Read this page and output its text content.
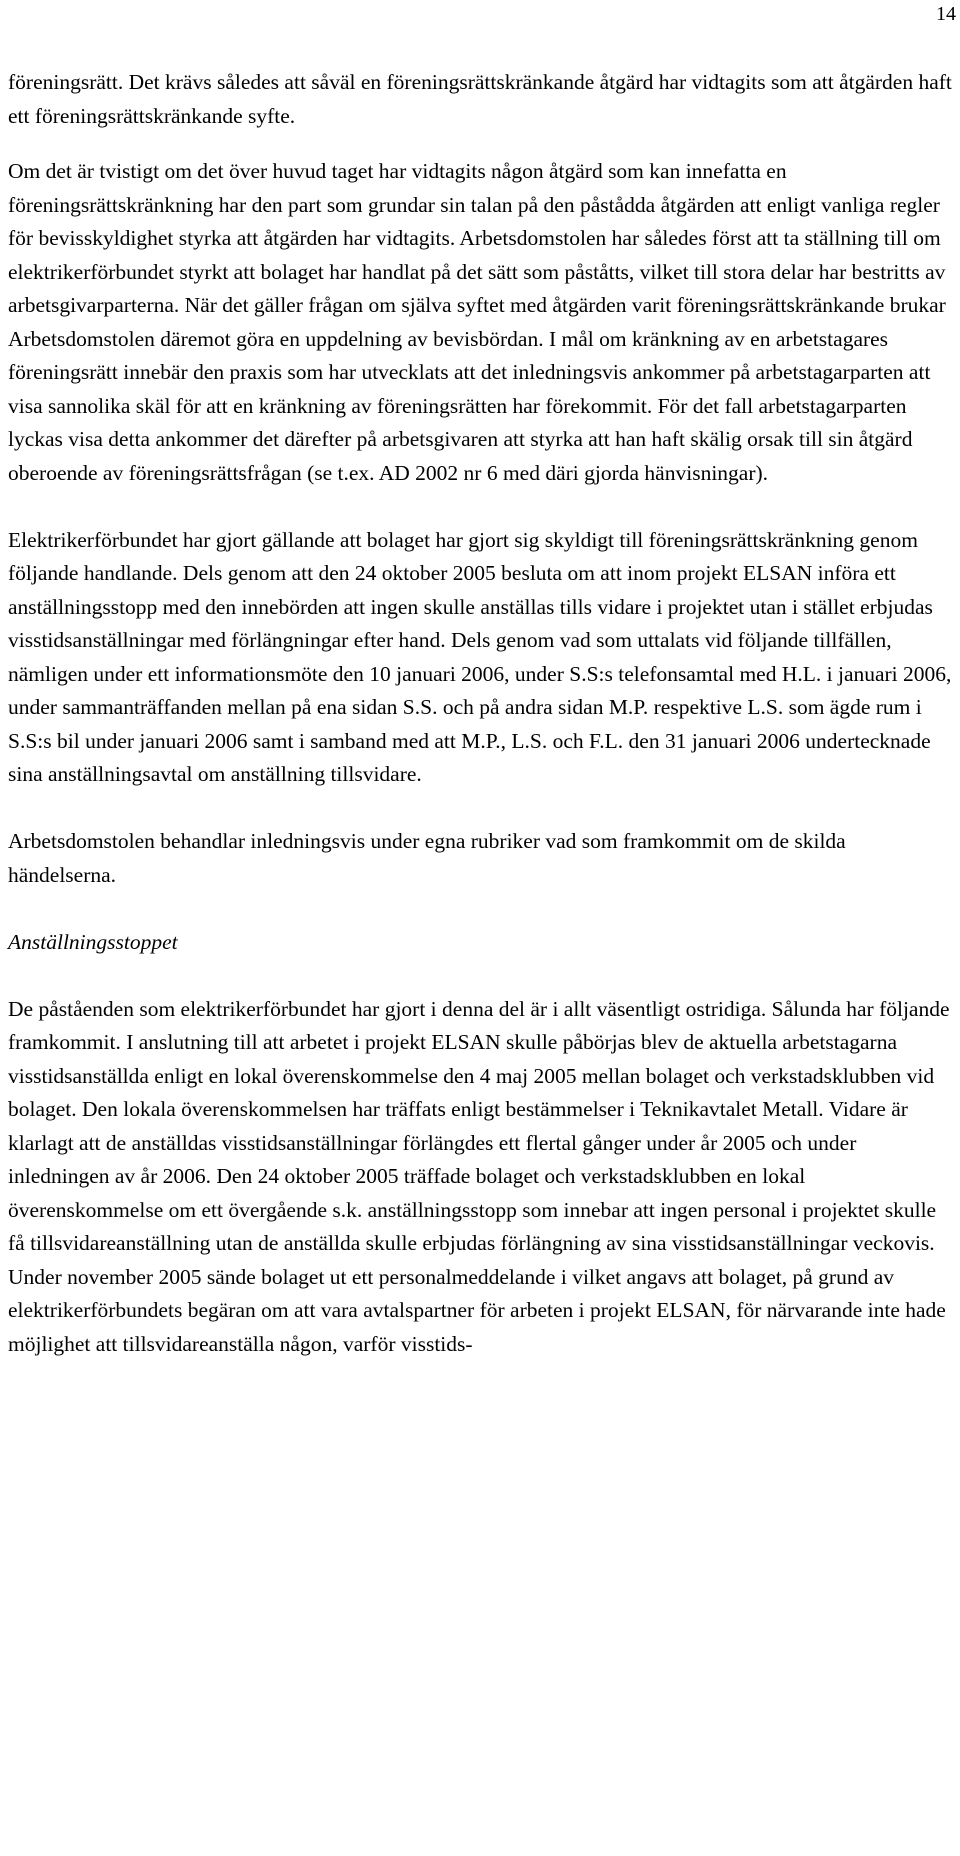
14

föreningsrätt. Det krävs således att såväl en föreningsrättskränkande åtgärd har vidtagits som att åtgärden haft ett föreningsrättskränkande syfte.

Om det är tvistigt om det över huvud taget har vidtagits någon åtgärd som kan innefatta en föreningsrättskränkning har den part som grundar sin talan på den påstådda åtgärden att enligt vanliga regler för bevisskyldighet styrka att åtgärden har vidtagits. Arbetsdomstolen har således först att ta ställning till om elektrikerförbundet styrkt att bolaget har handlat på det sätt som påståtts, vilket till stora delar har bestritts av arbetsgivarparterna. När det gäller frågan om själva syftet med åtgärden varit föreningsrättskränkande brukar Arbetsdomstolen däremot göra en uppdelning av bevisbördan. I mål om kränkning av en arbetstagares föreningsrätt innebär den praxis som har utvecklats att det inledningsvis ankommer på arbetstagarparten att visa sannolika skäl för att en kränkning av föreningsrätten har förekommit. För det fall arbetstagarparten lyckas visa detta ankommer det därefter på arbetsgivaren att styrka att han haft skälig orsak till sin åtgärd oberoende av föreningsrättsfrågan (se t.ex. AD 2002 nr 6 med däri gjorda hänvisningar).

Elektrikerförbundet har gjort gällande att bolaget har gjort sig skyldigt till föreningsrättskränkning genom följande handlande. Dels genom att den 24 oktober 2005 besluta om att inom projekt ELSAN införa ett anställningsstopp med den innebörden att ingen skulle anställas tills vidare i projektet utan i stället erbjudas visstidsanställningar med förlängningar efter hand. Dels genom vad som uttalats vid följande tillfällen, nämligen under ett informationsmöte den 10 januari 2006, under S.S:s telefonsamtal med H.L. i januari 2006, under sammanträffanden mellan på ena sidan S.S. och på andra sidan M.P. respektive L.S. som ägde rum i S.S:s bil under januari 2006 samt i samband med att M.P., L.S. och F.L. den 31 januari 2006 undertecknade sina anställningsavtal om anställning tillsvidare.

Arbetsdomstolen behandlar inledningsvis under egna rubriker vad som framkommit om de skilda händelserna.

Anställningsstoppet

De påståenden som elektrikerförbundet har gjort i denna del är i allt väsentligt ostridiga. Sålunda har följande framkommit. I anslutning till att arbetet i projekt ELSAN skulle påbörjas blev de aktuella arbetstagarna visstidsanställda enligt en lokal överenskommelse den 4 maj 2005 mellan bolaget och verkstadsklubben vid bolaget. Den lokala överenskommelsen har träffats enligt bestämmelser i Teknikavtalet Metall. Vidare är klarlagt att de anställdas visstidsanställningar förlängdes ett flertal gånger under år 2005 och under inledningen av år 2006. Den 24 oktober 2005 träffade bolaget och verkstadsklubben en lokal överenskommelse om ett övergående s.k. anställningsstopp som innebar att ingen personal i projektet skulle få tillsvidareanställning utan de anställda skulle erbjudas förlängning av sina visstidsanställningar veckovis. Under november 2005 sände bolaget ut ett personalmeddelande i vilket angavs att bolaget, på grund av elektrikerförbundets begäran om att vara avtalspartner för arbeten i projekt ELSAN, för närvarande inte hade möjlighet att tillsvidareanställa någon, varför visstids-
